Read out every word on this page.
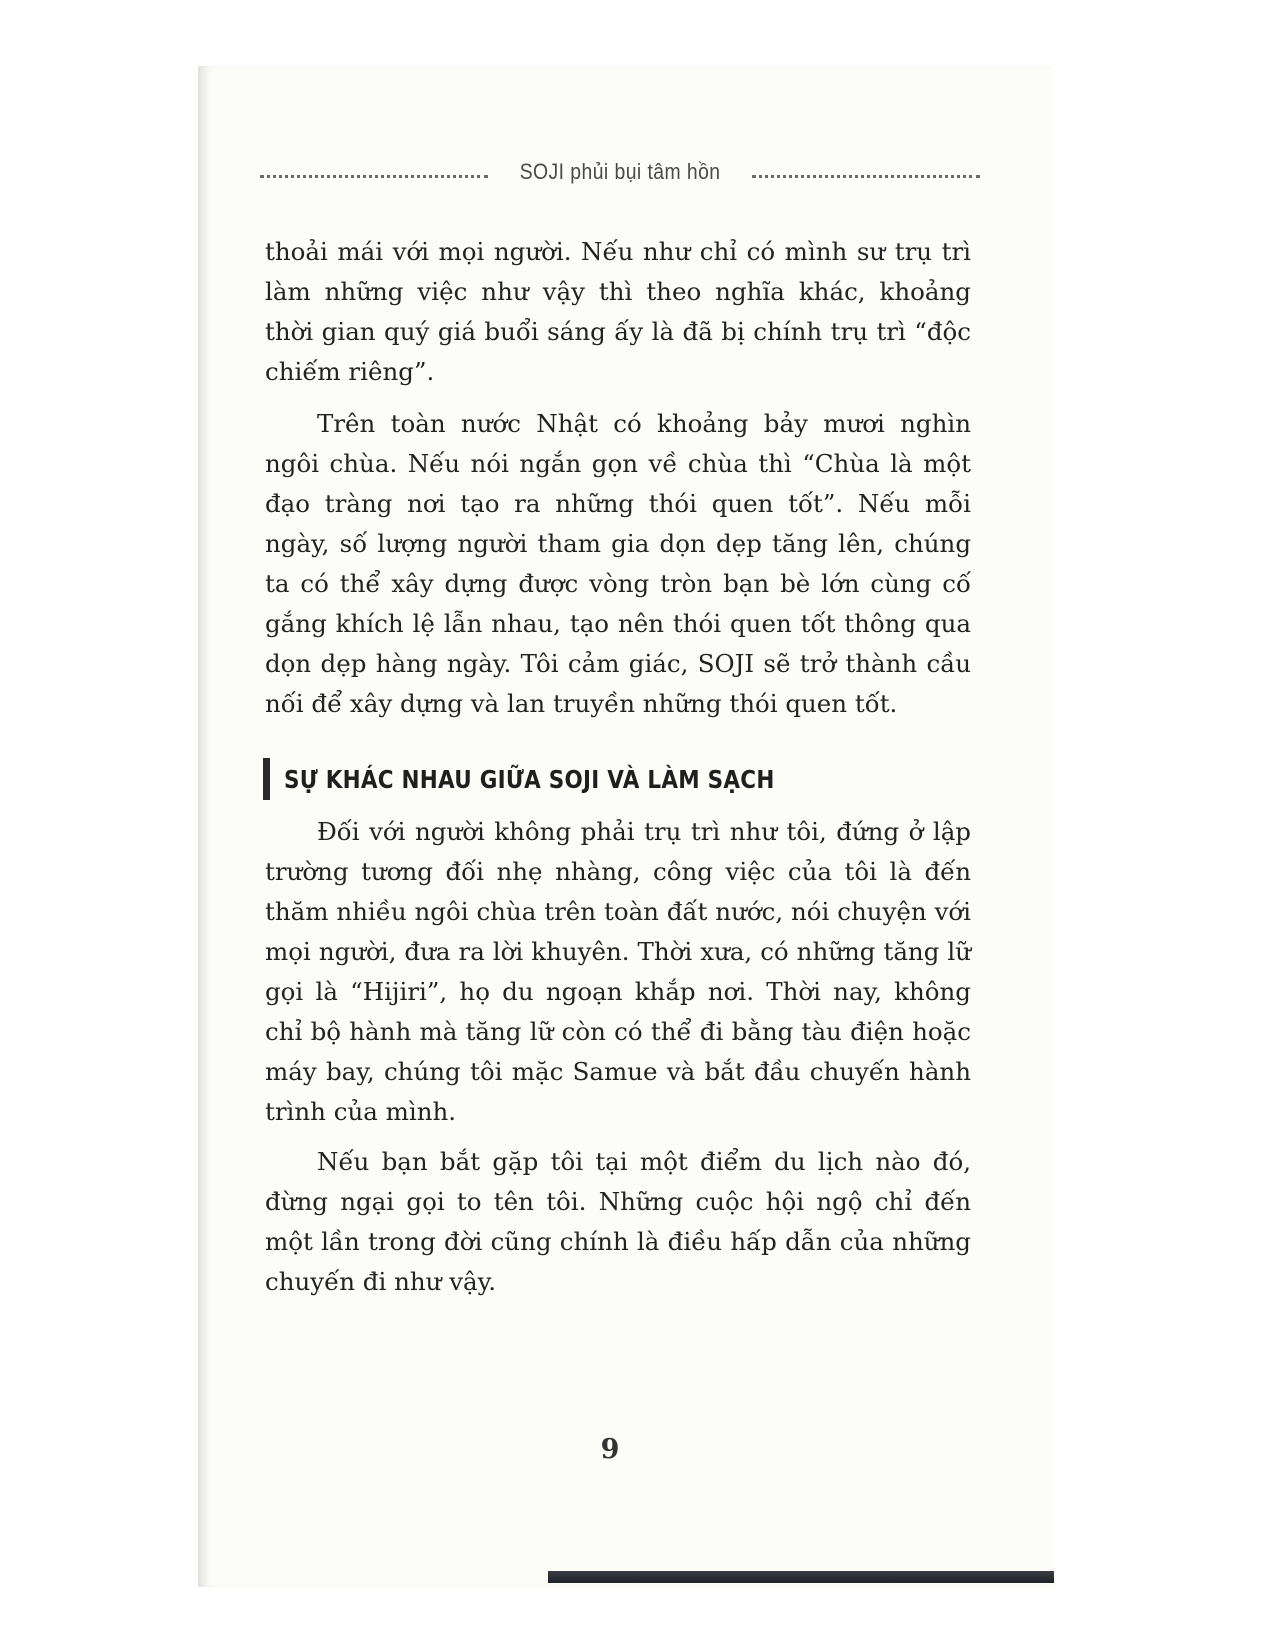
SOJI phủi bụi tâm hồn

thoải mái với mọi người. Nếu như chỉ có mình sư trụ trì làm những việc như vậy thì theo nghĩa khác, khoảng thời gian quý giá buổi sáng ấy là đã bị chính trụ trì “độc chiếm riêng”.

Trên toàn nước Nhật có khoảng bảy mươi nghìn ngôi chùa. Nếu nói ngắn gọn về chùa thì “Chùa là một đạo tràng nơi tạo ra những thói quen tốt”. Nếu mỗi ngày, số lượng người tham gia dọn dẹp tăng lên, chúng ta có thể xây dựng được vòng tròn bạn bè lớn cùng cố gắng khích lệ lẫn nhau, tạo nên thói quen tốt thông qua dọn dẹp hàng ngày. Tôi cảm giác, SOJI sẽ trở thành cầu nối để xây dựng và lan truyền những thói quen tốt.

SỰ KHÁC NHAU GIỮA SOJI VÀ LÀM SẠCH

Đối với người không phải trụ trì như tôi, đứng ở lập trường tương đối nhẹ nhàng, công việc của tôi là đến thăm nhiều ngôi chùa trên toàn đất nước, nói chuyện với mọi người, đưa ra lời khuyên. Thời xưa, có những tăng lữ gọi là “Hijiri”, họ du ngoạn khắp nơi. Thời nay, không chỉ bộ hành mà tăng lữ còn có thể đi bằng tàu điện hoặc máy bay, chúng tôi mặc Samue và bắt đầu chuyến hành trình của mình.

Nếu bạn bắt gặp tôi tại một điểm du lịch nào đó, đừng ngại gọi to tên tôi. Những cuộc hội ngộ chỉ đến một lần trong đời cũng chính là điều hấp dẫn của những chuyến đi như vậy.

9
